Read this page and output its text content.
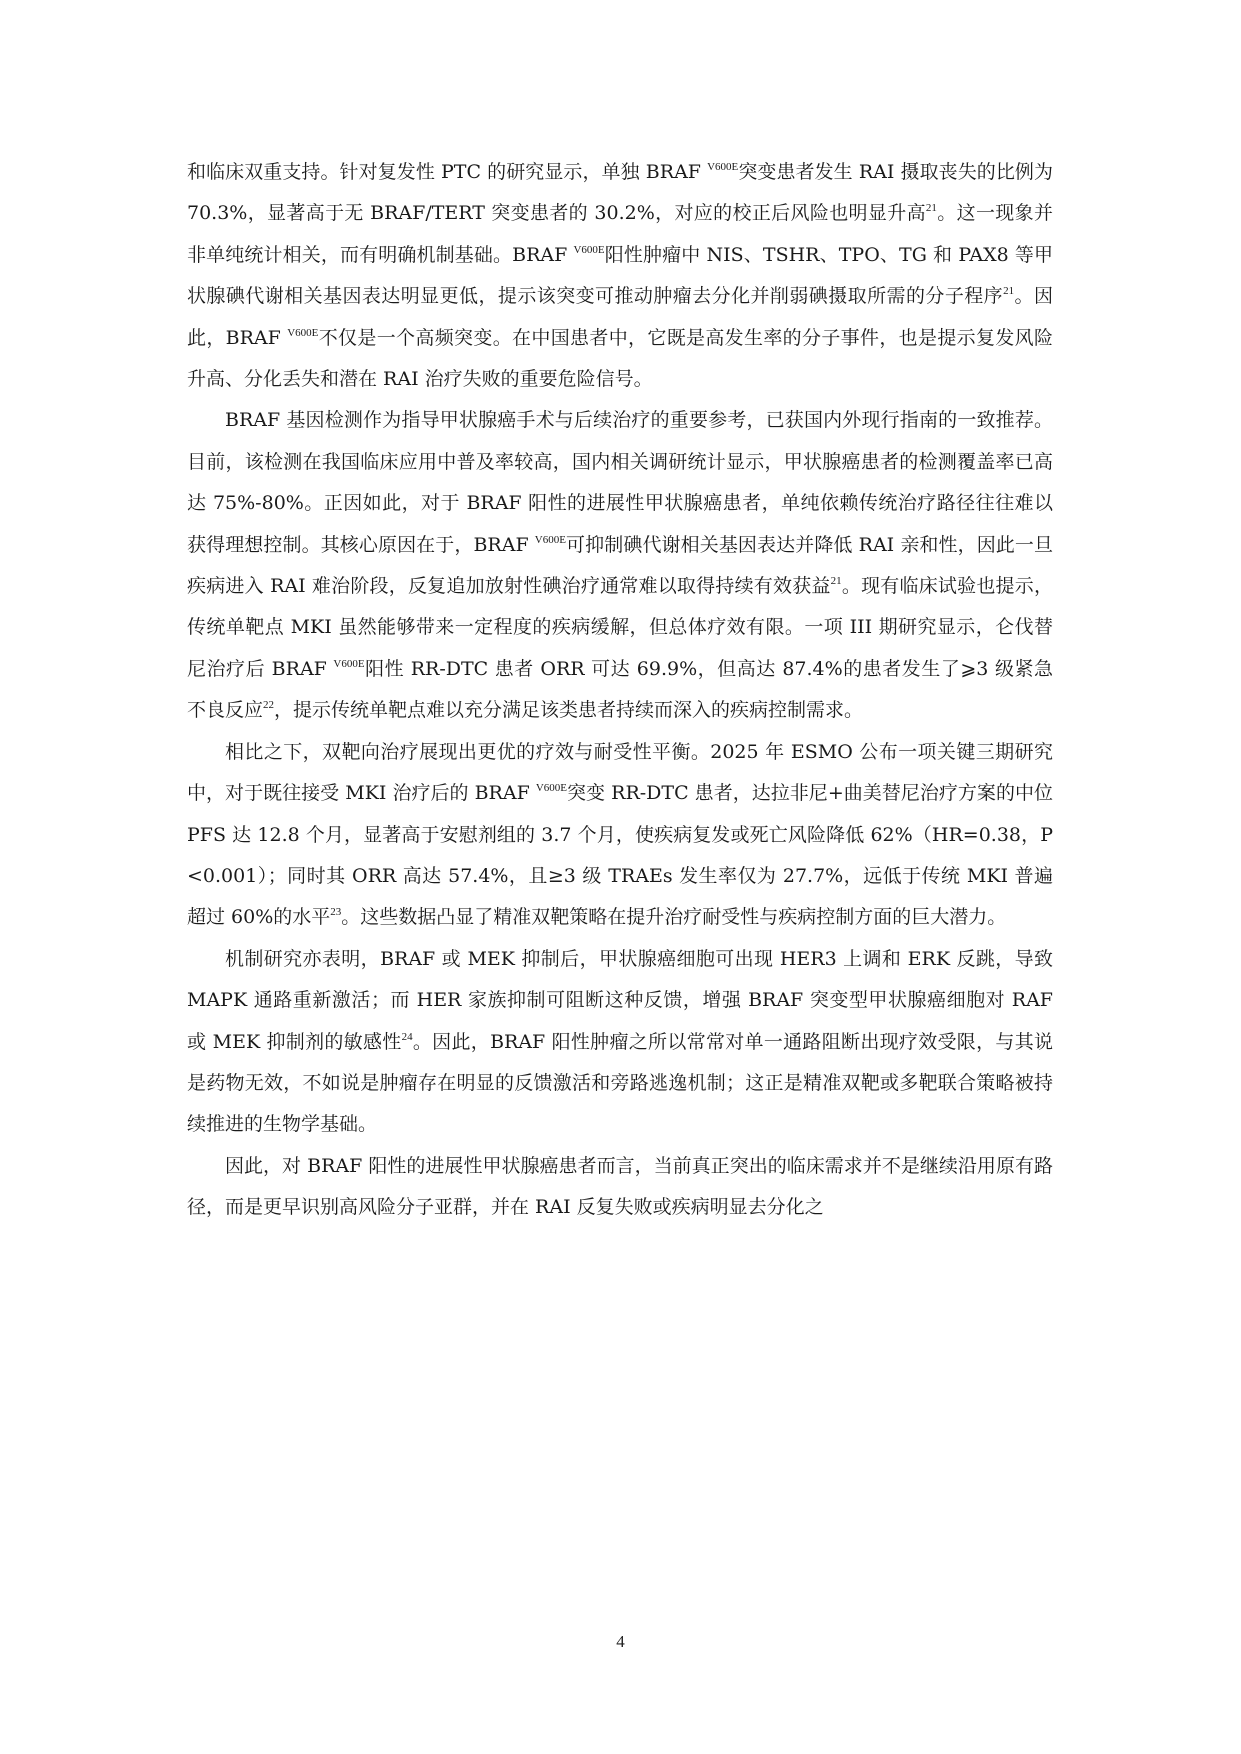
和临床双重支持。针对复发性 PTC 的研究显示，单独 BRAF $^{V600E}$突变患者发生 RAI 摄取丧失的比例为 70.3%，显著高于无 BRAF/TERT 突变患者的 30.2%，对应的校正后风险也明显升高$^{21}$。这一现象并非单纯统计相关，而有明确机制基础。BRAF $^{V600E}$阳性肿瘤中 NIS、TSHR、TPO、TG 和 PAX8 等甲状腺碘代谢相关基因表达明显更低，提示该突变可推动肿瘤去分化并削弱碘摄取所需的分子程序$^{21}$。因此，BRAF $^{V600E}$不仅是一个高频突变。在中国患者中，它既是高发生率的分子事件，也是提示复发风险升高、分化丢失和潜在 RAI 治疗失败的重要危险信号。

BRAF 基因检测作为指导甲状腺癌手术与后续治疗的重要参考，已获国内外现行指南的一致推荐。目前，该检测在我国临床应用中普及率较高，国内相关调研统计显示，甲状腺癌患者的检测覆盖率已高达 75%-80%。正因如此，对于 BRAF 阳性的进展性甲状腺癌患者，单纯依赖传统治疗路径往往难以获得理想控制。其核心原因在于，BRAF $^{V600E}$可抑制碘代谢相关基因表达并降低 RAI 亲和性，因此一旦疾病进入 RAI 难治阶段，反复追加放射性碘治疗通常难以取得持续有效获益$^{21}$。现有临床试验也提示，传统单靶点 MKI 虽然能够带来一定程度的疾病缓解，但总体疗效有限。一项 III 期研究显示，仑伐替尼治疗后 BRAF $^{V600E}$阳性 RR-DTC 患者 ORR 可达 69.9%，但高达 87.4%的患者发生了⩾3 级紧急不良反应$^{22}$，提示传统单靶点难以充分满足该类患者持续而深入的疾病控制需求。

相比之下，双靶向治疗展现出更优的疗效与耐受性平衡。2025 年 ESMO 公布一项关键三期研究中，对于既往接受 MKI 治疗后的 BRAF $^{V600E}$突变 RR-DTC 患者，达拉非尼+曲美替尼治疗方案的中位 PFS 达 12.8 个月，显著高于安慰剂组的 3.7 个月，使疾病复发或死亡风险降低 62%（HR=0.38，P<0.001）；同时其 ORR 高达 57.4%，且≥3 级 TRAEs 发生率仅为 27.7%，远低于传统 MKI 普遍超过 60%的水平$^{23}$。这些数据凸显了精准双靶策略在提升治疗耐受性与疾病控制方面的巨大潜力。

机制研究亦表明，BRAF 或 MEK 抑制后，甲状腺癌细胞可出现 HER3 上调和 ERK 反跳，导致 MAPK 通路重新激活；而 HER 家族抑制可阻断这种反馈，增强 BRAF 突变型甲状腺癌细胞对 RAF 或 MEK 抑制剂的敏感性$^{24}$。因此，BRAF 阳性肿瘤之所以常常对单一通路阻断出现疗效受限，与其说是药物无效，不如说是肿瘤存在明显的反馈激活和旁路逃逸机制；这正是精准双靶或多靶联合策略被持续推进的生物学基础。

因此，对 BRAF 阳性的进展性甲状腺癌患者而言，当前真正突出的临床需求并不是继续沿用原有路径，而是更早识别高风险分子亚群，并在 RAI 反复失败或疾病明显去分化之

4
